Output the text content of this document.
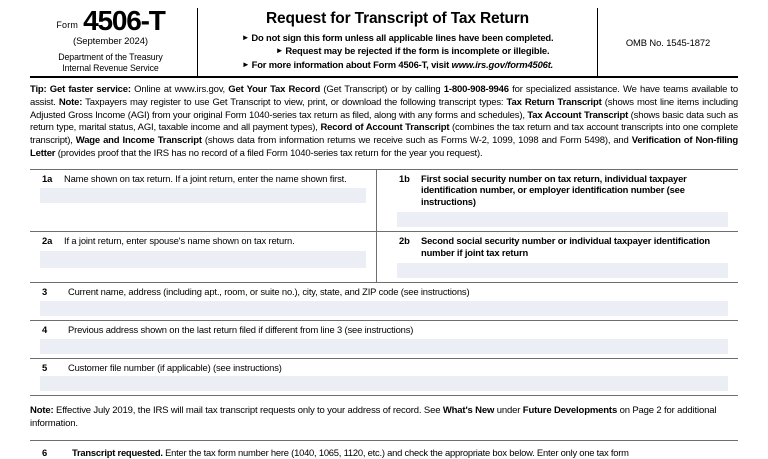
Form 4506-T
(September 2024)
Department of the Treasury
Internal Revenue Service
Request for Transcript of Tax Return
► Do not sign this form unless all applicable lines have been completed.
► Request may be rejected if the form is incomplete or illegible.
► For more information about Form 4506-T, visit www.irs.gov/form4506t.
OMB No. 1545-1872
Tip: Get faster service: Online at www.irs.gov, Get Your Tax Record (Get Transcript) or by calling 1-800-908-9946 for specialized assistance. We have teams available to assist. Note: Taxpayers may register to use Get Transcript to view, print, or download the following transcript types: Tax Return Transcript (shows most line items including Adjusted Gross Income (AGI) from your original Form 1040-series tax return as filed, along with any forms and schedules), Tax Account Transcript (shows basic data such as return type, marital status, AGI, taxable income and all payment types), Record of Account Transcript (combines the tax return and tax account transcripts into one complete transcript), Wage and Income Transcript (shows data from information returns we receive such as Forms W-2, 1099, 1098 and Form 5498), and Verification of Non-filing Letter (provides proof that the IRS has no record of a filed Form 1040-series tax return for the year you request).
1a	Name shown on tax return. If a joint return, enter the name shown first.	1b	First social security number on tax return, individual taxpayer identification number, or employer identification number (see instructions)
2a	If a joint return, enter spouse's name shown on tax return.	2b	Second social security number or individual taxpayer identification number if joint tax return
3	Current name, address (including apt., room, or suite no.), city, state, and ZIP code (see instructions)
4	Previous address shown on the last return filed if different from line 3 (see instructions)
5	Customer file number (if applicable) (see instructions)
Note: Effective July 2019, the IRS will mail tax transcript requests only to your address of record. See What's New under Future Developments on Page 2 for additional information.
6	Transcript requested. Enter the tax form number here (1040, 1065, 1120, etc.) and check the appropriate box below. Enter only one tax form
